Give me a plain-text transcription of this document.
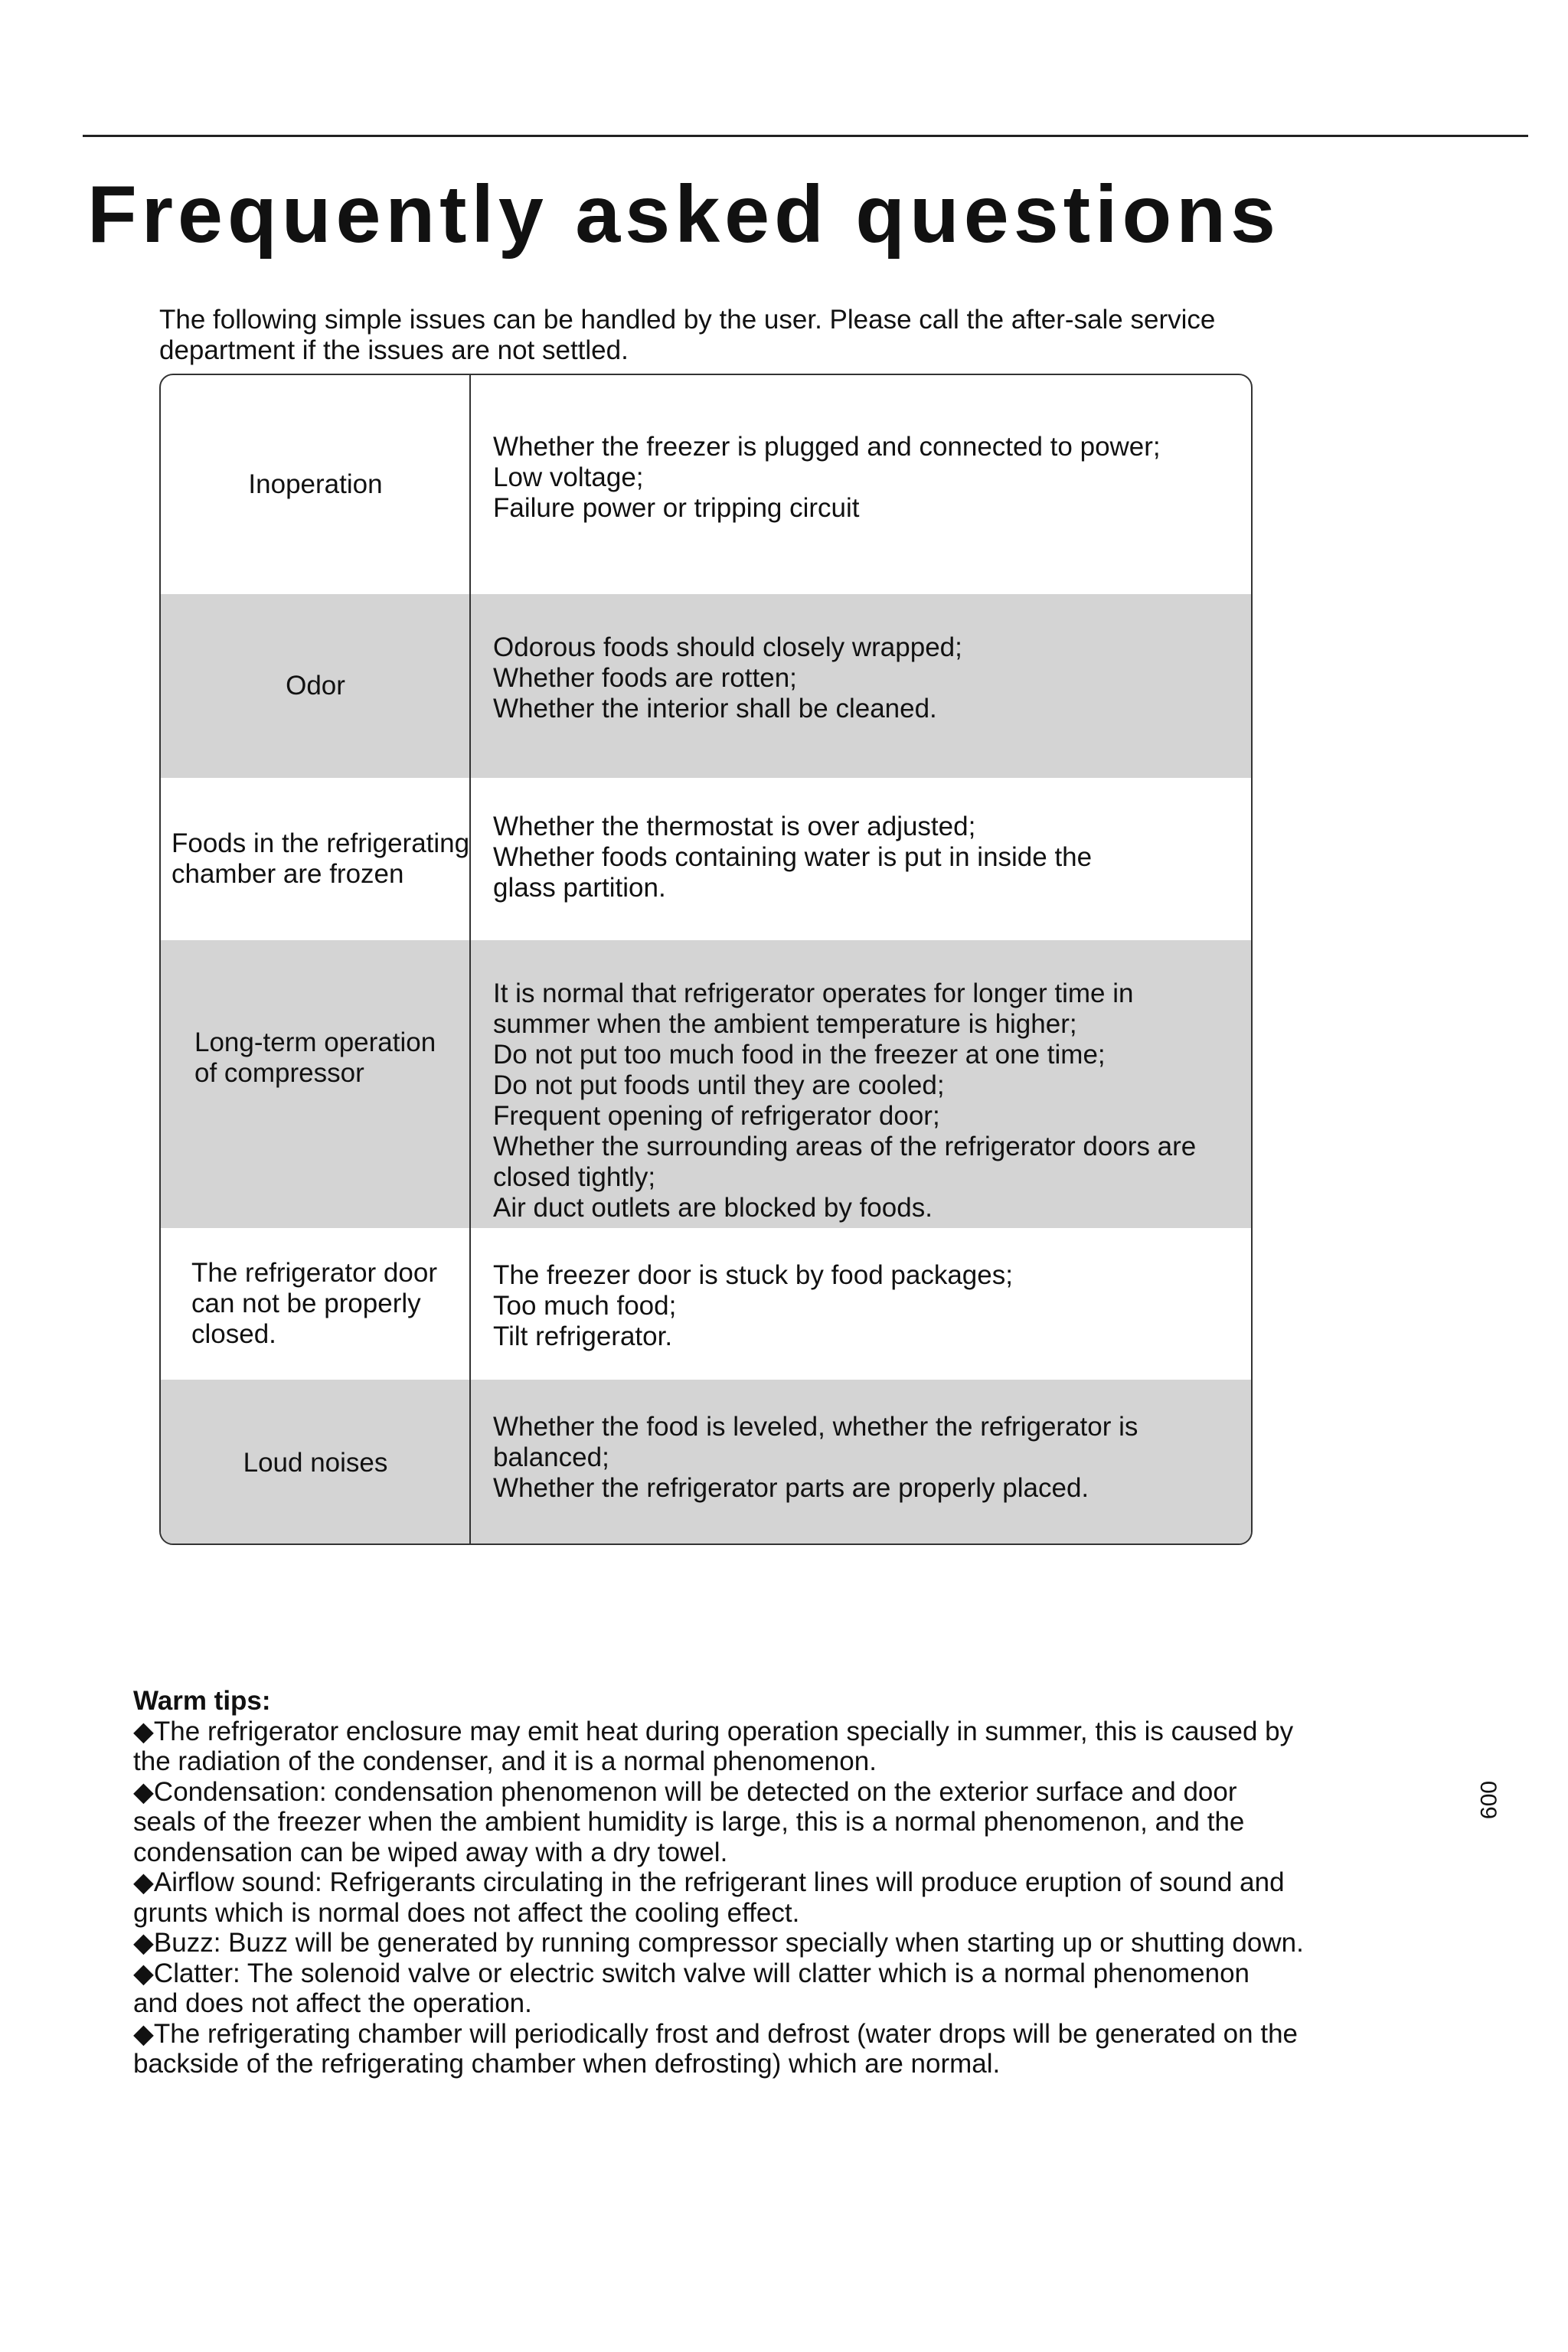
Frequently asked questions
The following simple issues can be handled by the user. Please call the after-sale service
department if the issues are not settled.
Inoperation
Whether the freezer is plugged and connected to power;
Low voltage;
Failure power or tripping circuit
Odor
Odorous foods should closely wrapped;
Whether foods are rotten;
Whether the interior shall be cleaned.
Foods in the refrigerating
chamber are frozen
Whether the thermostat is over adjusted;
Whether foods containing water is put in inside the
glass partition.
Long-term operation
of compressor
It is normal that refrigerator operates for longer time in
summer when the ambient temperature is higher;
Do not put too much food in the freezer at one time;
Do not put foods until they are cooled;
Frequent opening of refrigerator door;
Whether the surrounding areas of the refrigerator doors are
closed tightly;
Air duct outlets are blocked by foods.
The refrigerator door
can not be properly
closed.
The freezer door is stuck by food packages;
Too much food;
Tilt refrigerator.
Loud noises
Whether the food is leveled, whether the refrigerator is
balanced;
Whether the refrigerator parts are properly placed.
Warm tips:
◆The refrigerator enclosure may emit heat during operation specially in summer, this is caused by
the radiation of the condenser, and it is a normal phenomenon.
◆Condensation: condensation phenomenon will be detected on the exterior surface and door
seals of the freezer when the ambient humidity is large, this is a normal phenomenon, and the
condensation can be wiped away with a dry towel.
◆Airflow sound: Refrigerants circulating in the refrigerant lines will produce eruption of sound and
grunts which is normal does not affect the cooling effect.
◆Buzz: Buzz will be generated by running compressor specially when starting up or shutting down.
◆Clatter: The solenoid valve or electric switch valve will clatter which is a normal phenomenon
and does not affect the operation.
◆The refrigerating chamber will periodically frost and defrost (water drops will be generated on the
backside of the refrigerating chamber when defrosting) which are normal.
009
